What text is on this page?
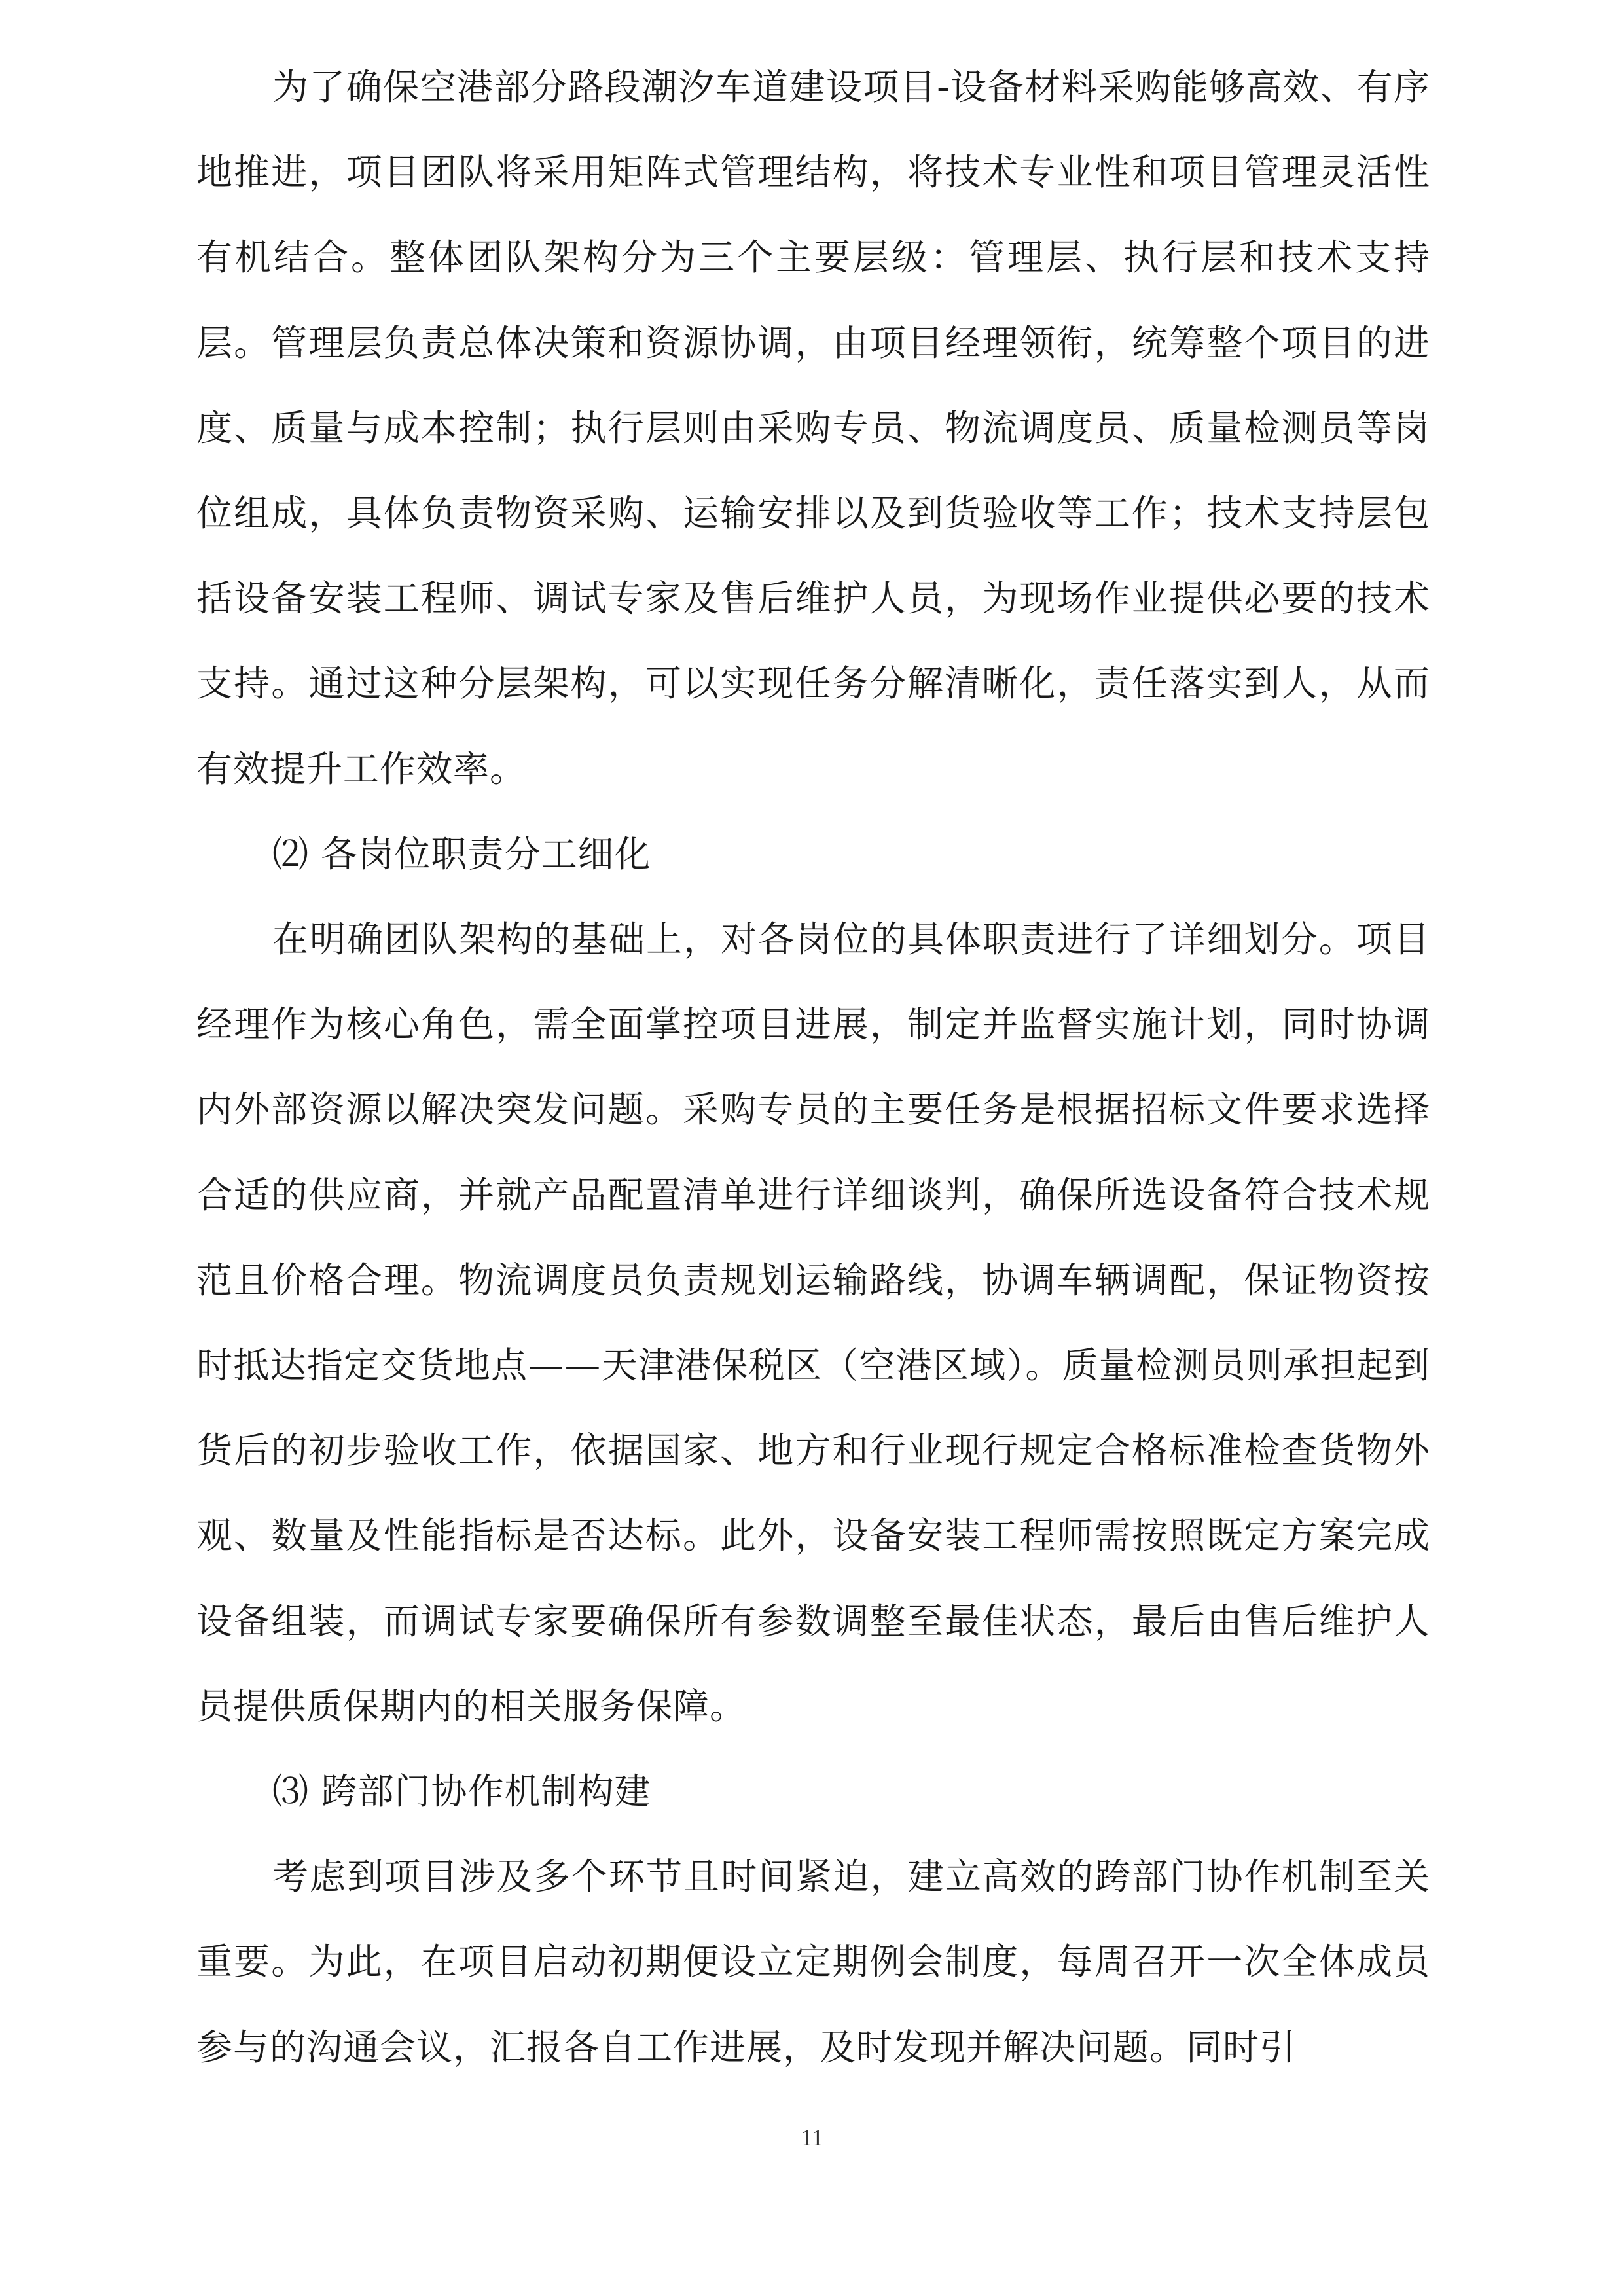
为了确保空港部分路段潮汐车道建设项目-设备材料采购能够高效、有序地推进，项目团队将采用矩阵式管理结构，将技术专业性和项目管理灵活性有机结合。整体团队架构分为三个主要层级：管理层、执行层和技术支持层。管理层负责总体决策和资源协调，由项目经理领衔，统筹整个项目的进度、质量与成本控制；执行层则由采购专员、物流调度员、质量检测员等岗位组成，具体负责物资采购、运输安排以及到货验收等工作；技术支持层包括设备安装工程师、调试专家及售后维护人员，为现场作业提供必要的技术支持。通过这种分层架构，可以实现任务分解清晰化，责任落实到人，从而有效提升工作效率。

⑵ 各岗位职责分工细化

在明确团队架构的基础上，对各岗位的具体职责进行了详细划分。项目经理作为核心角色，需全面掌控项目进展，制定并监督实施计划，同时协调内外部资源以解决突发问题。采购专员的主要任务是根据招标文件要求选择合适的供应商，并就产品配置清单进行详细谈判，确保所选设备符合技术规范且价格合理。物流调度员负责规划运输路线，协调车辆调配，保证物资按时抵达指定交货地点——天津港保税区（空港区域）。质量检测员则承担起到货后的初步验收工作，依据国家、地方和行业现行规定合格标准检查货物外观、数量及性能指标是否达标。此外，设备安装工程师需按照既定方案完成设备组装，而调试专家要确保所有参数调整至最佳状态，最后由售后维护人员提供质保期内的相关服务保障。

⑶ 跨部门协作机制构建

考虑到项目涉及多个环节且时间紧迫，建立高效的跨部门协作机制至关重要。为此，在项目启动初期便设立定期例会制度，每周召开一次全体成员参与的沟通会议，汇报各自工作进展，及时发现并解决问题。同时引

11
